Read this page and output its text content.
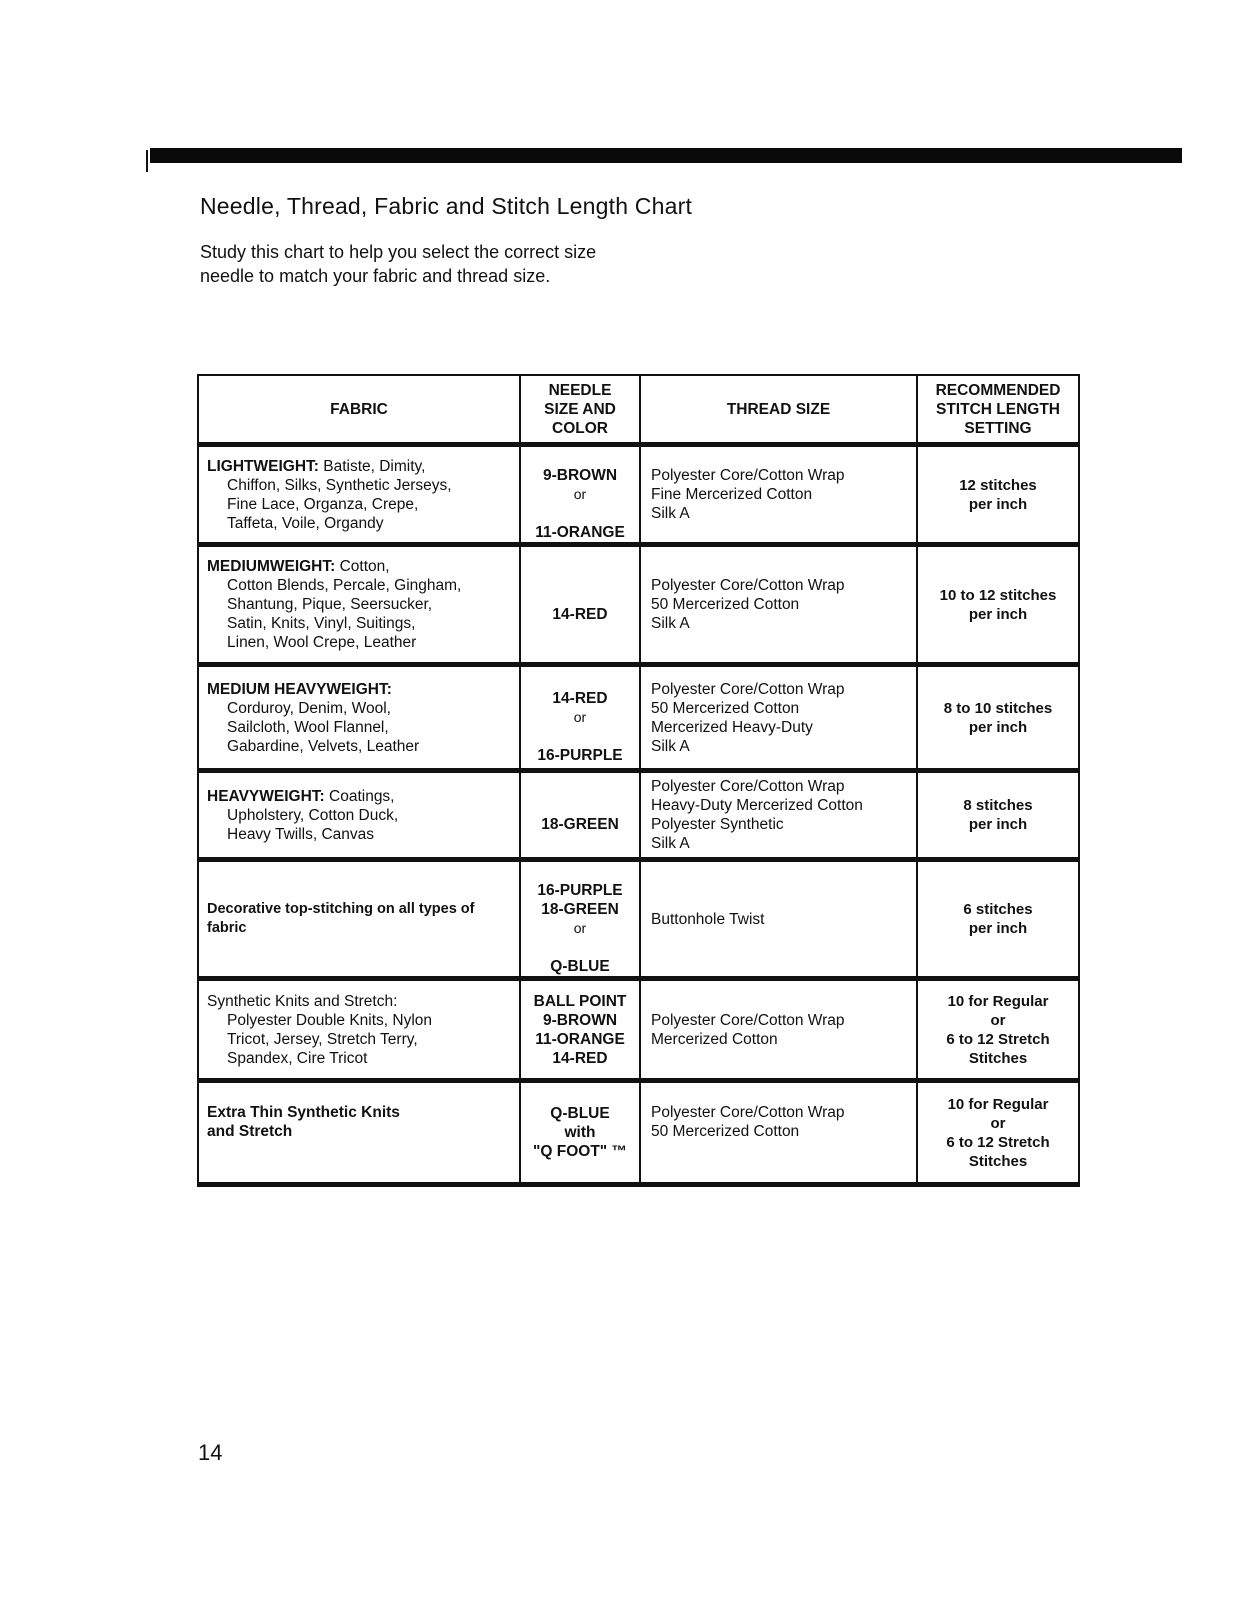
Needle, Thread, Fabric and Stitch Length Chart

Study this chart to help you select the correct size needle to match your fabric and thread size.

FABRIC	NEEDLE
SIZE AND
COLOR	THREAD SIZE	RECOMMENDED
STITCH LENGTH
SETTING

LIGHTWEIGHT: Batiste, Dimity,
Chiffon, Silks, Synthetic Jerseys,
Fine Lace, Organza, Crepe,
Taffeta, Voile, Organdy	9-BROWN

or

11-ORANGE	Polyester Core/Cotton Wrap
Fine Mercerized Cotton
Silk A	12 stitches
per inch

MEDIUMWEIGHT: Cotton,
Cotton Blends, Percale, Gingham,
Shantung, Pique, Seersucker,
Satin, Knits, Vinyl, Suitings,
Linen, Wool Crepe, Leather	14-RED	Polyester Core/Cotton Wrap
50 Mercerized Cotton
Silk A	10 to 12 stitches
per inch

MEDIUM HEAVYWEIGHT:
Corduroy, Denim, Wool,
Sailcloth, Wool Flannel,
Gabardine, Velvets, Leather	14-RED

or

16-PURPLE	Polyester Core/Cotton Wrap
50 Mercerized Cotton
Mercerized Heavy-Duty
Silk A	8 to 10 stitches
per inch

HEAVYWEIGHT: Coatings,
Upholstery, Cotton Duck,
Heavy Twills, Canvas	18-GREEN	Polyester Core/Cotton Wrap
Heavy-Duty Mercerized Cotton
Polyester Synthetic
Silk A	8 stitches
per inch

Decorative top-stitching on all types of fabric	16-PURPLE
18-GREEN

or

Q-BLUE	Buttonhole Twist	6 stitches
per inch

Synthetic Knits and Stretch:
Polyester Double Knits, Nylon
Tricot, Jersey, Stretch Terry,
Spandex, Cire Tricot	BALL POINT
9-BROWN
11-ORANGE
14-RED	Polyester Core/Cotton Wrap
Mercerized Cotton	10 for Regular
or
6 to 12 Stretch
Stitches

Extra Thin Synthetic Knits
and Stretch	Q-BLUE
with
"Q FOOT" ™	Polyester Core/Cotton Wrap
50 Mercerized Cotton	10 for Regular
or
6 to 12 Stretch
Stitches
14
